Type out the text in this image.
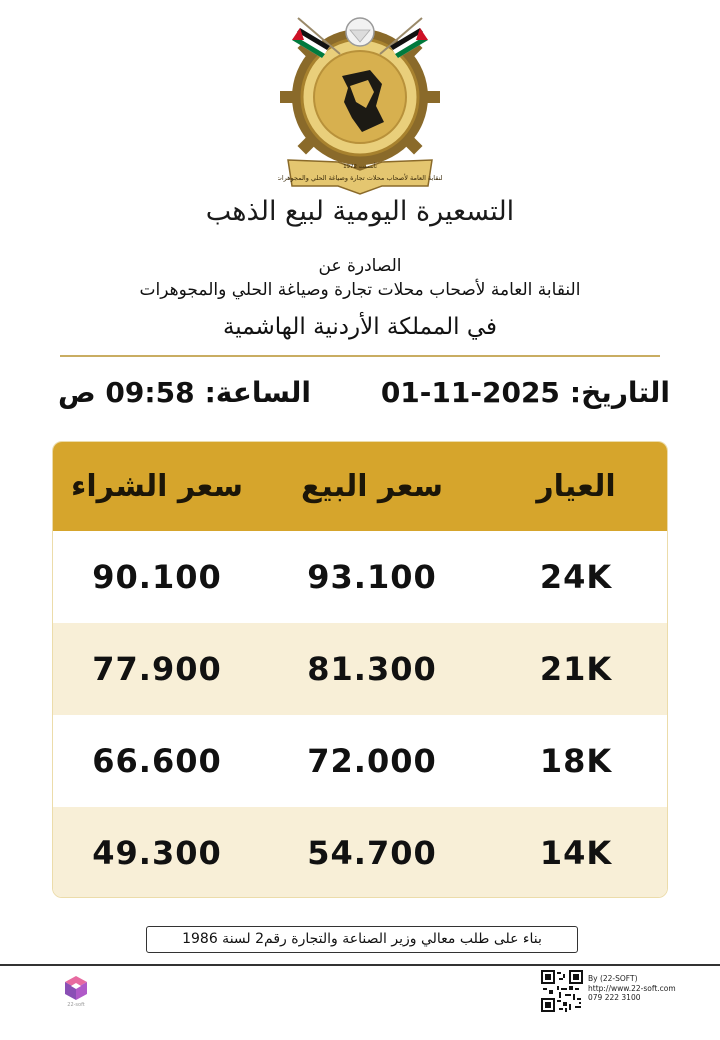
النقابة العامة لأصحاب محلات تجارة وصياغة الحلي والمجوهرات
تأسست 1972
التسعيرة اليومية لبيع الذهب
الصادرة عن
النقابة العامة لأصحاب محلات تجارة وصياغة الحلي والمجوهرات
في المملكة الأردنية الهاشمية
التاريخ:01-11-2025
الساعة:09:58 ص
العيار
سعر البيع
سعر الشراء
24K
93.100
90.100
21K
81.300
77.900
18K
72.000
66.600
14K
54.700
49.300
بناء على طلب معالي وزير الصناعة والتجارة رقم2 لسنة 1986
22-soft
By (22-SOFT)
http://www.22-soft.com
079 222 3100
